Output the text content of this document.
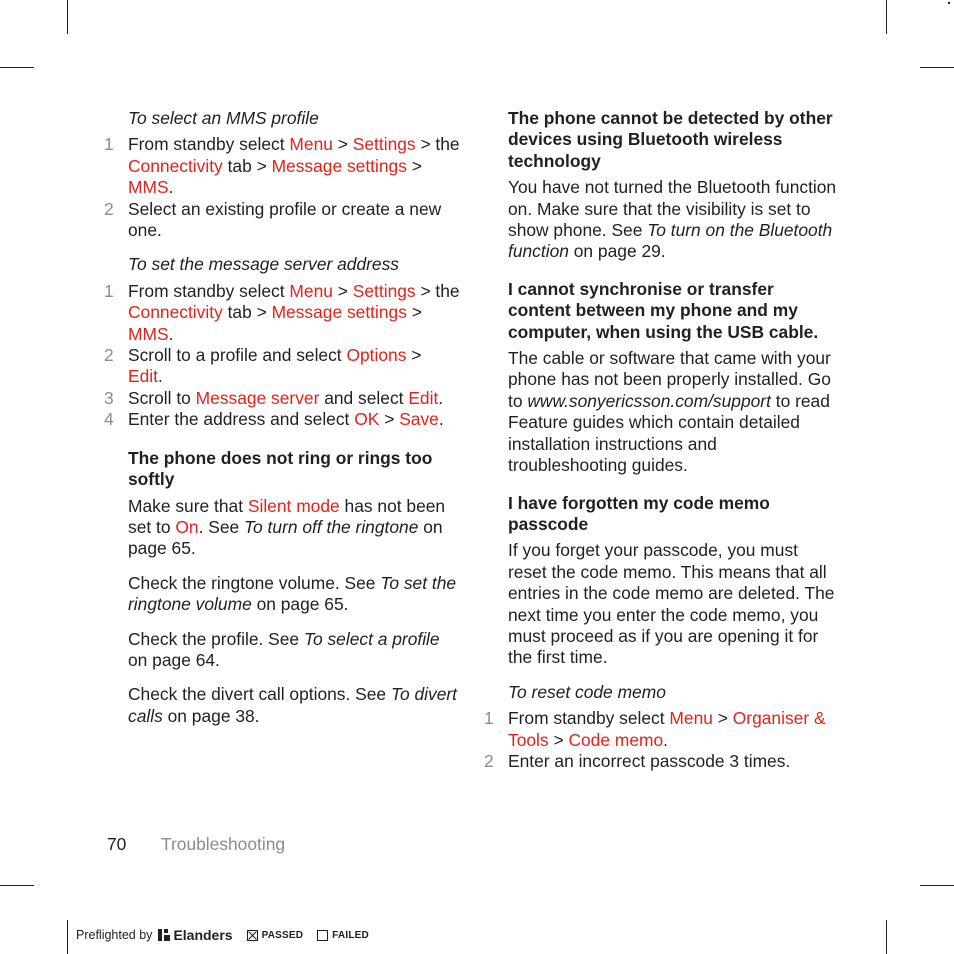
To select an MMS profile
1 From standby select Menu > Settings > the Connectivity tab > Message settings > MMS.
2 Select an existing profile or create a new one.
To set the message server address
1 From standby select Menu > Settings > the Connectivity tab > Message settings > MMS.
2 Scroll to a profile and select Options > Edit.
3 Scroll to Message server and select Edit.
4 Enter the address and select OK > Save.
The phone does not ring or rings too softly

Make sure that Silent mode has not been set to On. See To turn off the ringtone on page 65.

Check the ringtone volume. See To set the ringtone volume on page 65.

Check the profile. See To select a profile on page 64.

Check the divert call options. See To divert calls on page 38.

The phone cannot be detected by other devices using Bluetooth wireless technology

You have not turned the Bluetooth function on. Make sure that the visibility is set to show phone. See To turn on the Bluetooth function on page 29.

I cannot synchronise or transfer content between my phone and my computer, when using the USB cable.

The cable or software that came with your phone has not been properly installed. Go to www.sonyericsson.com/support to read Feature guides which contain detailed installation instructions and troubleshooting guides.

I have forgotten my code memo passcode

If you forget your passcode, you must reset the code memo. This means that all entries in the code memo are deleted. The next time you enter the code memo, you must proceed as if you are opening it for the first time.

To reset code memo
1 From standby select Menu > Organiser & Tools > Code memo.
2 Enter an incorrect passcode 3 times.
70 Troubleshooting
Preflighted by Elanders	PASSED	FAILED
